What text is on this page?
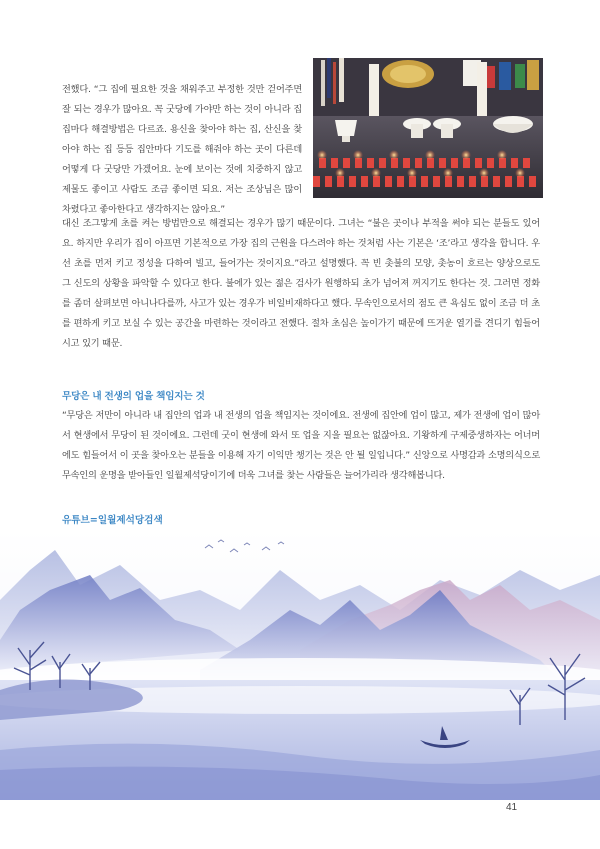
전했다. “그 집에 필요한 것을 채워주고 부정한 것만 걷어주면 잘 되는 경우가 많아요. 꼭 굿당에 가야만 하는 것이 아니라 집집마다 해결방법은 다르죠. 용신을 찾아야 하는 집, 산신을 찾아야 하는 집 등등 집안마다 기도를 해줘야 하는 곳이 다른데 어떻게 다 굿당만 가겠어요. 눈에 보이는 것에 치중하지 않고 제물도 좋이고 사람도 조금 좋이면 되요. 저는 조상님은 많이 차렸다고 좋아한다고 생각하지는 않아요.”

대신 조그맣게 초를 켜는 방법만으로 해결되는 경우가 많기 때문이다. 그녀는 “불은 곳이나 부적을 써야 되는 분들도 있어요. 하지만 우리가 집이 아프면 기본적으로 가장 집의 근원을 다스려야 하는 것처럼 사는 기본은 ‘조’라고 생각을 합니다. 우선 초를 먼저 키고 정성을 다하여 빌고, 들어가는 것이지요.”라고 설명했다. 꼭 빈 촛불의 모양, 촛농이 흐르는 양상으로도 그 신도의 상황을 파악할 수 있다고 한다. 불에가 있는 젊은 검사가 원행하되 초가 넘어져 꺼지기도 한다는 것. 그러면 정화를 좀더 살펴보면 아니나다를까, 사고가 있는 경우가 비일비재하다고 했다. 무속인으로서의 점도 큰 욕심도 없이 조금 더 초를 편하게 키고 보실 수 있는 공간을 마련하는 것이라고 전했다. 절차 초심은 높이가기 때문에 뜨거운 열기를 견디기 힘들어 시고 있기 때문.

무당은 내 전생의 업을 책임지는 것

“무당은 저만이 아니라 내 집안의 업과 내 전생의 업을 책임지는 것이에요. 전생에 집안에 업이 많고, 제가 전생에 업이 많아서 현생에서 무당이 된 것이에요. 그런데 굿이 현생에 와서 또 업을 지을 필요는 없잖아요. 기왕하게 구제중생하자는 어너머에도 힘들어서 이 곳을 찾아오는 분들을 이용해 자기 이익만 챙기는 것은 안 될 일입니다.” 신앙으로 사명감과 소명의식으로 무속인의 운명을 받아들인 일월제석당이기에 더욱 그녀를 찾는 사람들은 늘어가리라 생각해봅니다.

유튜브=일월제석당검색

41
